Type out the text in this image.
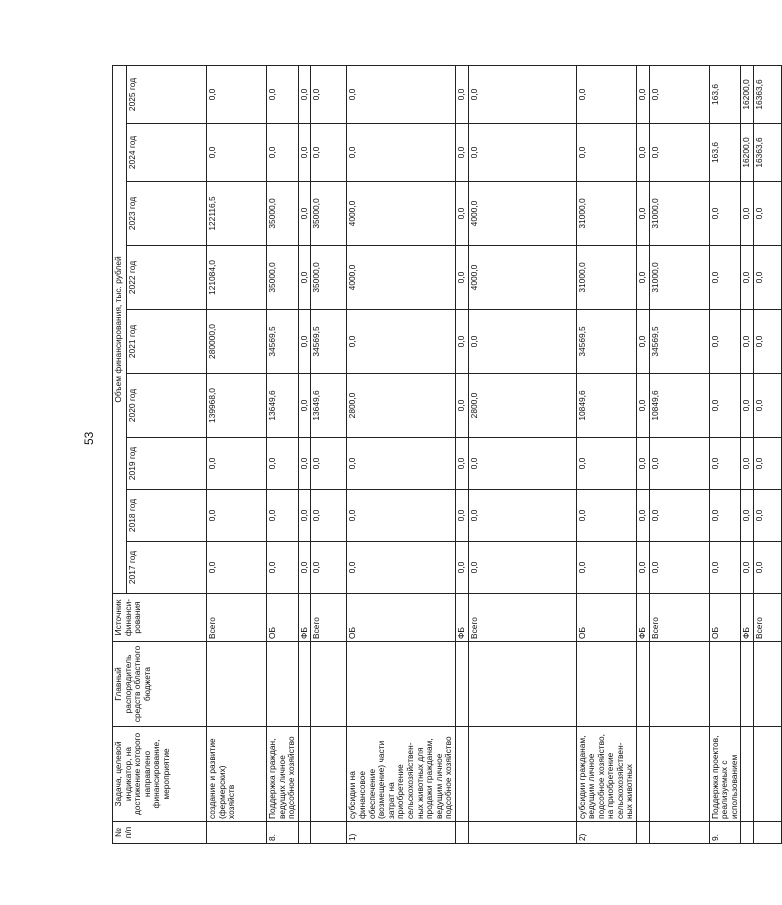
53
№ п/п	Задача, целевой индикатор, на достижение которого направлено финансирование, мероприятие	Главный распорядитель средств областного бюджета	Источник финанси-рования	Объем финансирования, тыс. рублей								
				2017 год	2018 год	2019 год	2020 год	2021 год	2022 год	2023 год	2024 год	2025 год
	создание и развитие (фермерских) хозяйств		Всего	0,0	0,0	0,0	139968,0	280000,0	121084,0	122116,5	0,0	0,0
8.	Поддержка граждан, ведущих личное подсобное хозяйство		ОБ	0,0	0,0	0,0	13649,6	34569,5	35000,0	35000,0	0,0	0,0
			ФБ	0,0	0,0	0,0	0,0	0,0	0,0	0,0	0,0	0,0
			Всего	0,0	0,0	0,0	13649,6	34569,5	35000,0	35000,0	0,0	0,0
1)	субсидии на финансовое обеспечение (возмещение) части затрат на приобретение сельскохозяйствен-ных животных для продажи гражданам, ведущим личное подсобное хозяйство		ОБ	0,0	0,0	0,0	2800,0	0,0	4000,0	4000,0	0,0	0,0
			ФБ	0,0	0,0	0,0	0,0	0,0	0,0	0,0	0,0	0,0
			Всего	0,0	0,0	0,0	2800,0	0,0	4000,0	4000,0	0,0	0,0
2)	субсидии гражданам, ведущим личное подсобное хозяйство, на приобретение сельскохозяйствен-ных животных		ОБ	0,0	0,0	0,0	10849,6	34569,5	31000,0	31000,0	0,0	0,0
			ФБ	0,0	0,0	0,0	0,0	0,0	0,0	0,0	0,0	0,0
			Всего	0,0	0,0	0,0	10849,6	34569,5	31000,0	31000,0	0,0	0,0
9.	Поддержка проектов, реализуемых с использованием		ОБ	0,0	0,0	0,0	0,0	0,0	0,0	0,0	163,6	163,6
			ФБ	0,0	0,0	0,0	0,0	0,0	0,0	0,0	16200,0	16200,0
			Всего	0,0	0,0	0,0	0,0	0,0	0,0	0,0	16363,6	16363,6
